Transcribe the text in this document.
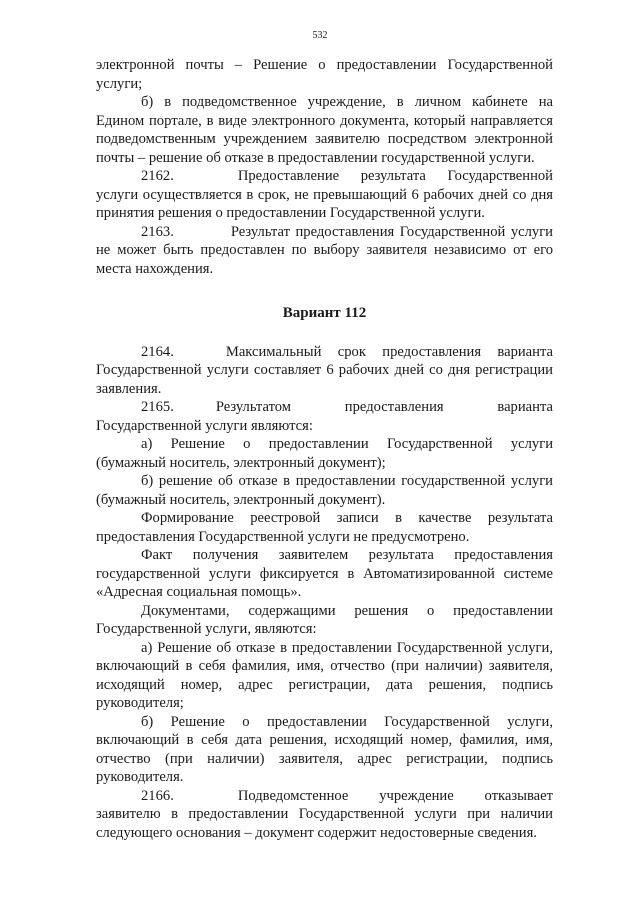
532

электронной почты – Решение о предоставлении Государственной услуги;

б) в подведомственное учреждение, в личном кабинете на Едином портале, в виде электронного документа, который направляется подведомственным учреждением заявителю посредством электронной почты – решение об отказе в предоставлении государственной услуги.

2162.	Предоставление результата Государственной

услуги осуществляется в срок, не превышающий 6 рабочих дней со дня принятия решения о предоставлении Государственной услуги.

2163.	Результат предоставления Государственной услуги не может быть предоставлен по выбору заявителя независимо от его места нахождения.

Вариант 112

2164.	Максимальный срок предоставления варианта Государственной услуги составляет 6 рабочих дней со дня регистрации заявления.

2165.	Результатом предоставления варианта

Государственной услуги являются:

а) Решение о предоставлении Государственной услуги (бумажный носитель, электронный документ);

б) решение об отказе в предоставлении государственной услуги (бумажный носитель, электронный документ).

Формирование реестровой записи в качестве результата предоставления Государственной услуги не предусмотрено.

Факт получения заявителем результата предоставления государственной услуги фиксируется в Автоматизированной системе «Адресная социальная помощь».

Документами, содержащими решения о предоставлении Государственной услуги, являются:

а) Решение об отказе в предоставлении Государственной услуги, включающий в себя фамилия, имя, отчество (при наличии) заявителя, исходящий номер, адрес регистрации, дата решения, подпись руководителя;

б) Решение о предоставлении Государственной услуги, включающий в себя дата решения, исходящий номер, фамилия, имя, отчество (при наличии) заявителя, адрес регистрации, подпись руководителя.

2166.	Подведомстенное учреждение отказывает

заявителю в предоставлении Государственной услуги при наличии следующего основания – документ содержит недостоверные сведения.
